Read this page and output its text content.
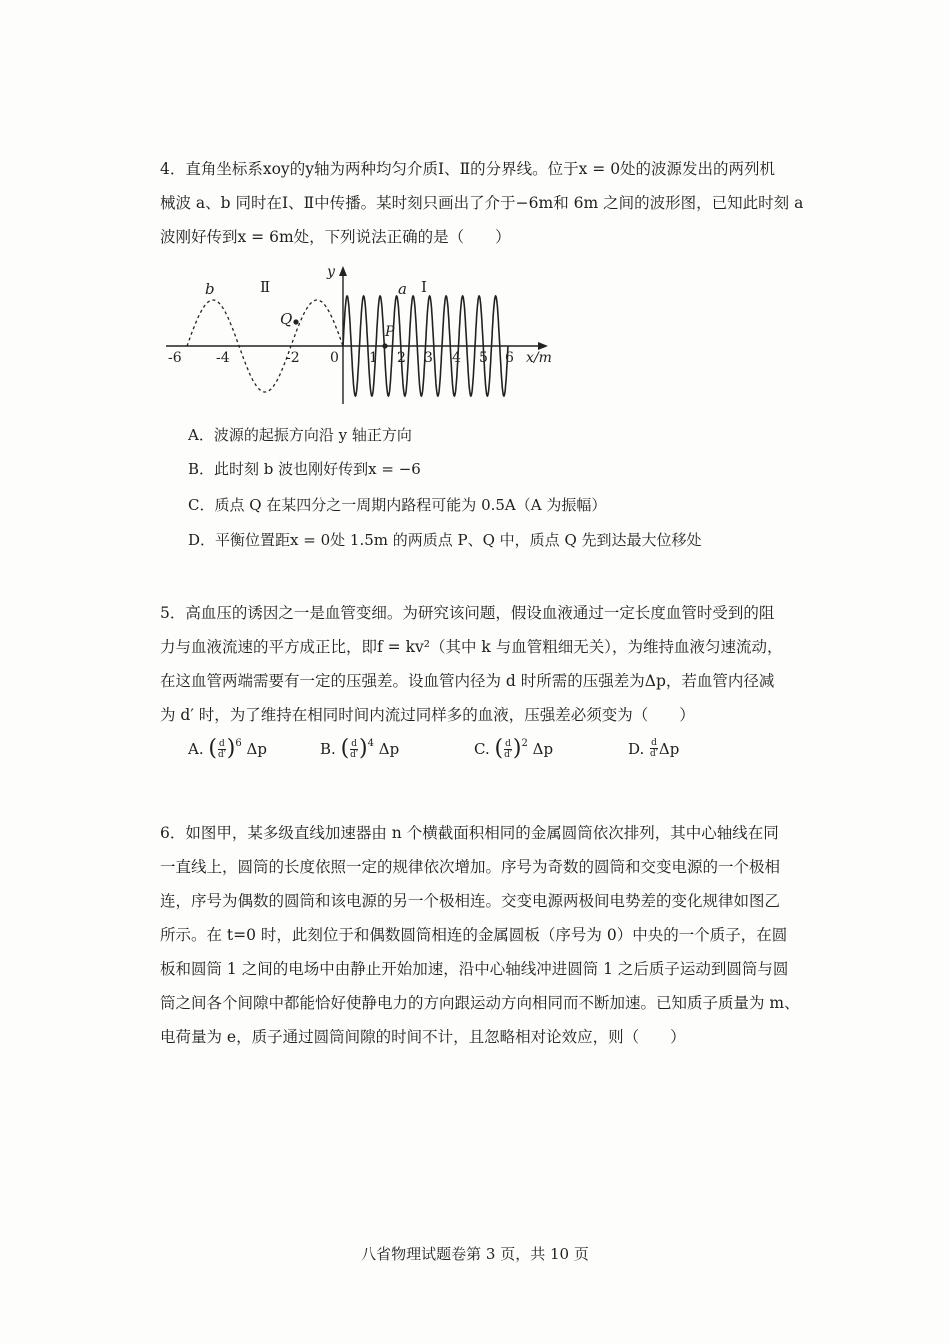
4．直角坐标系xoy的y轴为两种均匀介质Ⅰ、Ⅱ的分界线。位于x = 0处的波源发出的两列机
械波 a、b 同时在Ⅰ、Ⅱ中传播。某时刻只画出了介于−6m和 6m 之间的波形图，已知此时刻 a
波刚好传到x = 6m处，下列说法正确的是（　　）
b	Ⅱ
Q
y
a Ⅰ
P
-6 -4	-2 0 1 2 3 4 5 6 x/m
A．波源的起振方向沿 y 轴正方向
B．此时刻 b 波也刚好传到x = −6
C．质点 Q 在某四分之一周期内路程可能为 0.5A（A 为振幅）
D．平衡位置距x = 0处 1.5m 的两质点 P、Q 中，质点 Q 先到达最大位移处
5．高血压的诱因之一是血管变细。为研究该问题，假设血液通过一定长度血管时受到的阻
力与血液流速的平方成正比，即f = kv²（其中 k 与血管粗细无关），为维持血液匀速流动，
在这血管两端需要有一定的压强差。设血管内径为 d 时所需的压强差为Δp，若血管内径减
为 d′ 时，为了维持在相同时间内流过同样多的血液，压强差必须变为（　　）
A.
( $\frac{d}{d'} )^6$
Δp	B.
( $\frac{d}{d'} )^4$
Δp	C.
( $\frac{d}{d'} )^2$
Δp	D.
$\frac{d}{d'}$ Δp
6．如图甲，某多级直线加速器由 n 个横截面积相同的金属圆筒依次排列，其中心轴线在同
一直线上，圆筒的长度依照一定的规律依次增加。序号为奇数的圆筒和交变电源的一个极相
连，序号为偶数的圆筒和该电源的另一个极相连。交变电源两极间电势差的变化规律如图乙
所示。在 t=0 时，此刻位于和偶数圆筒相连的金属圆板（序号为 0）中央的一个质子，在圆
板和圆筒 1 之间的电场中由静止开始加速，沿中心轴线冲进圆筒 1 之后质子运动到圆筒与圆
筒之间各个间隙中都能恰好使静电力的方向跟运动方向相同而不断加速。已知质子质量为 m、
电荷量为 e，质子通过圆筒间隙的时间不计，且忽略相对论效应，则（　　）
八省物理试题卷第 3 页，共 10 页
